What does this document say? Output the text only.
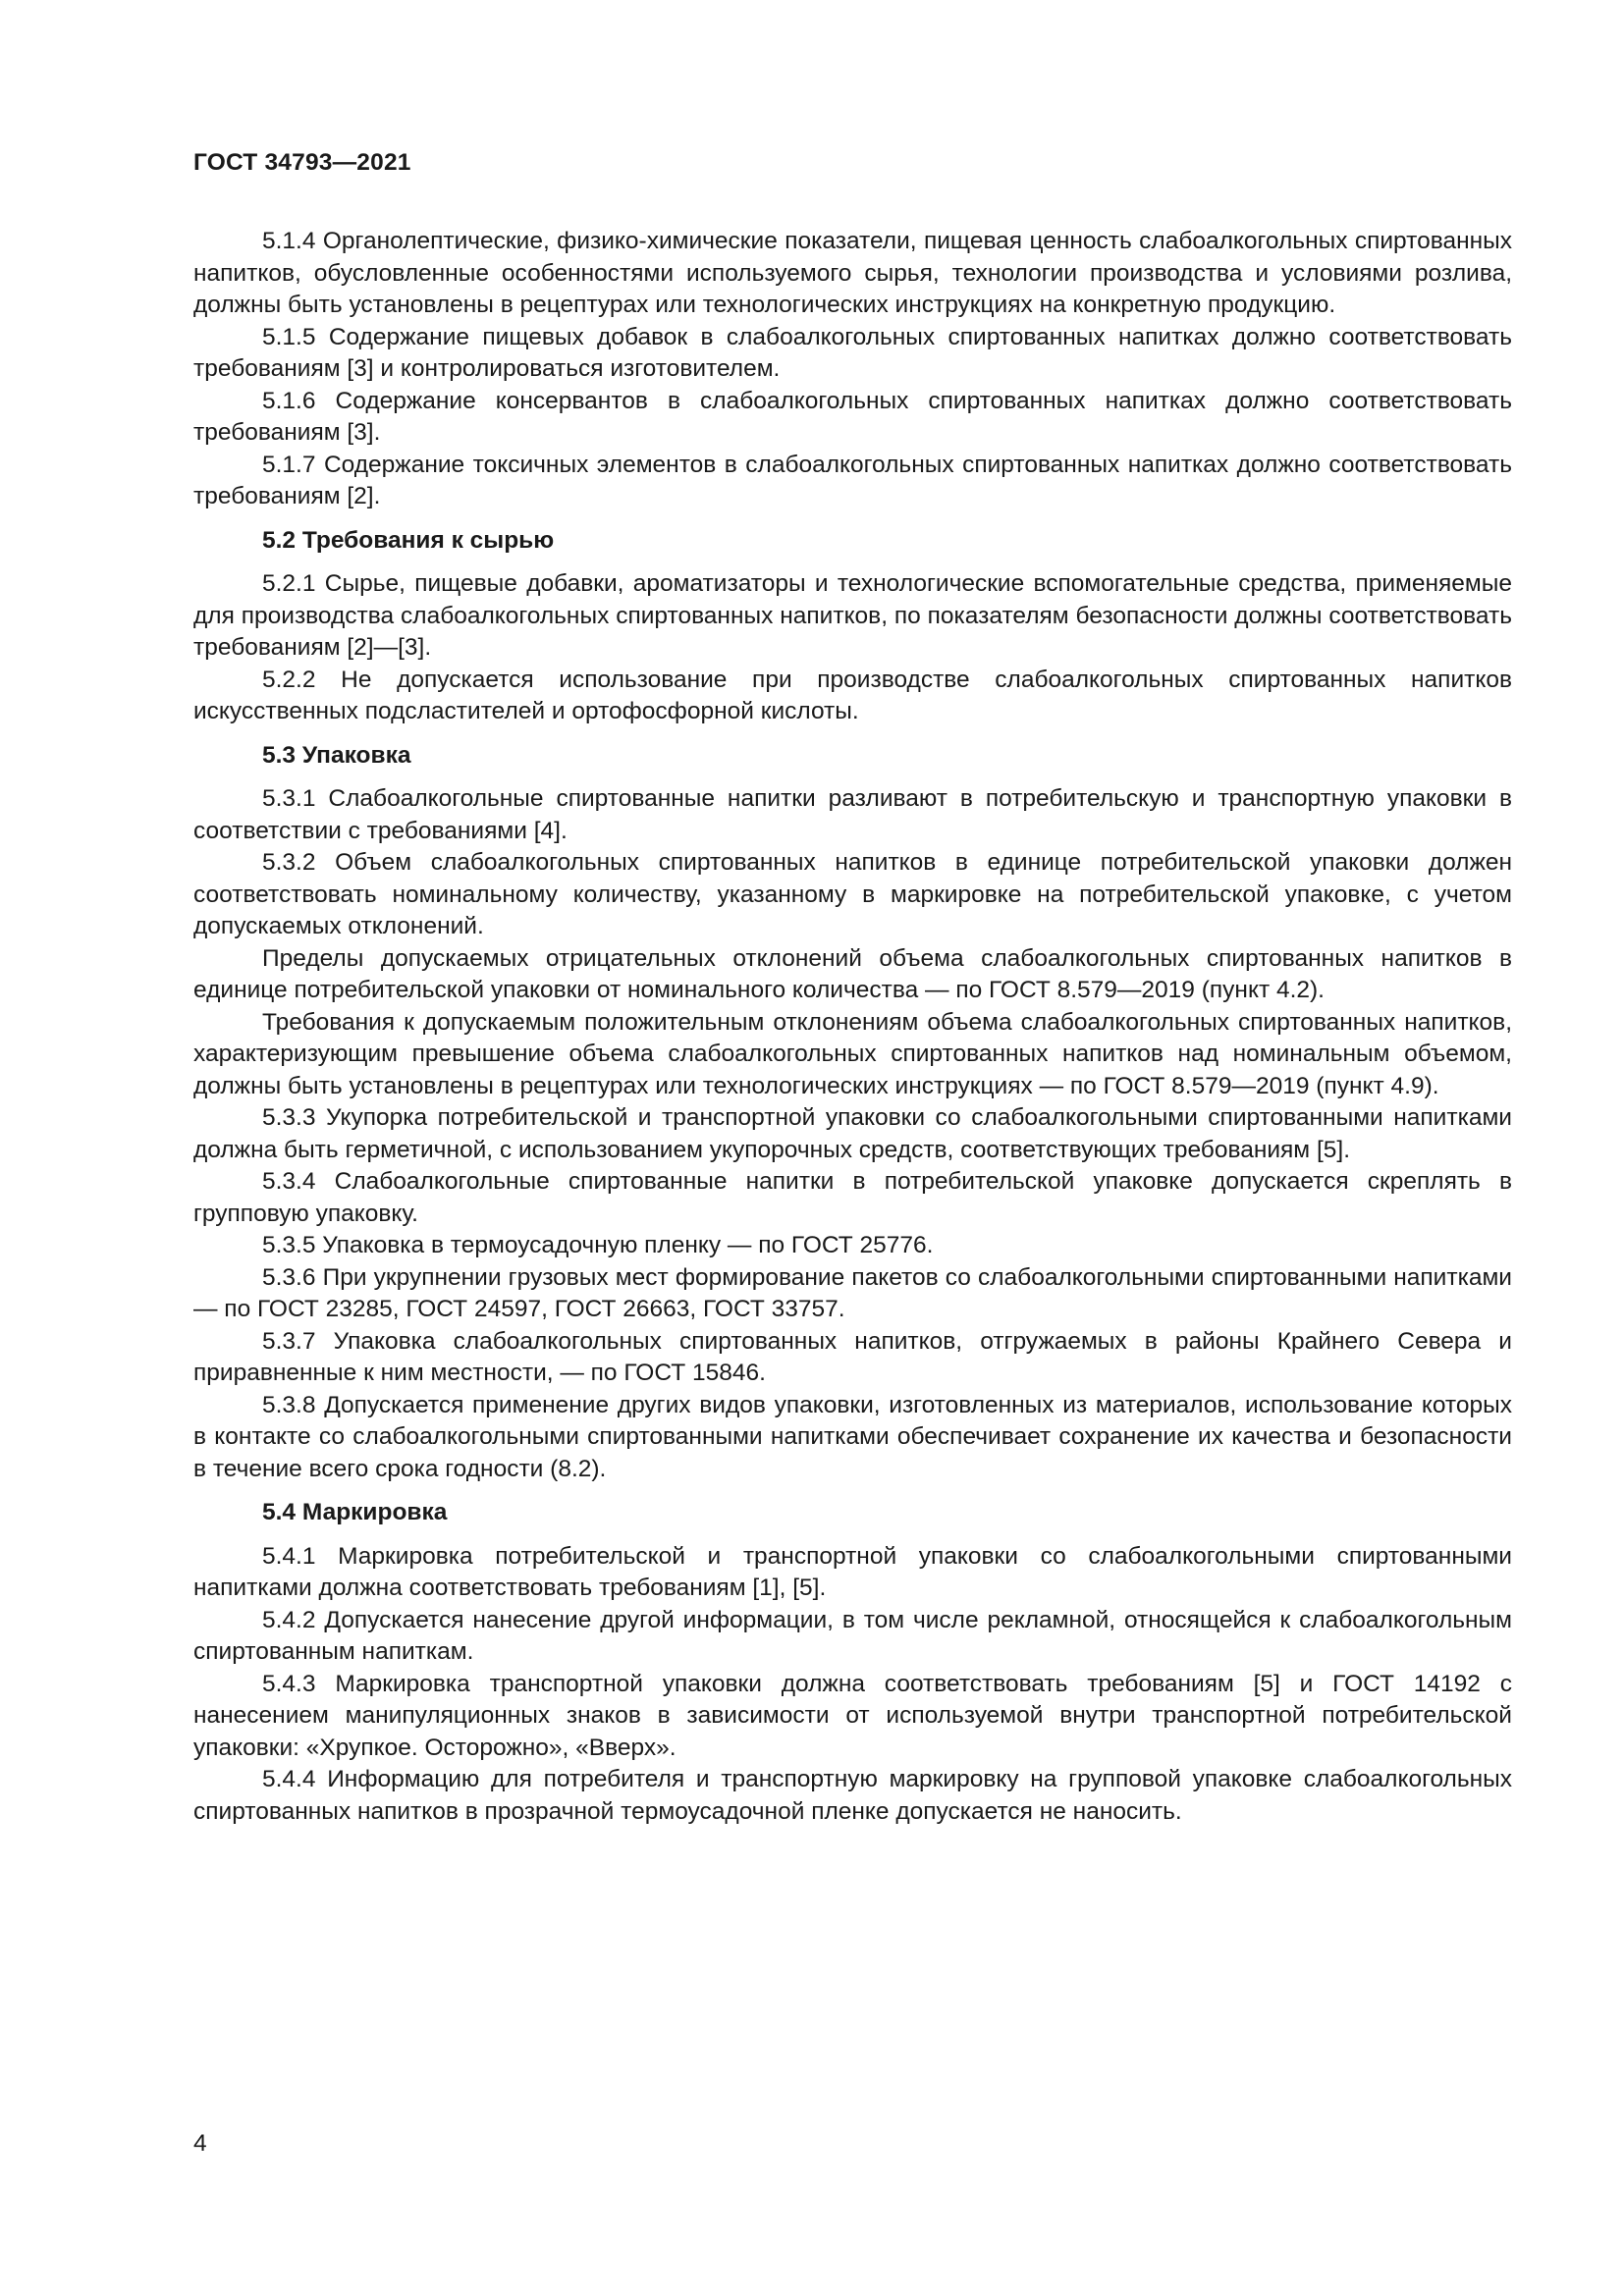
ГОСТ 34793—2021

5.1.4 Органолептические, физико-химические показатели, пищевая ценность слабоалкогольных спиртованных напитков, обусловленные особенностями используемого сырья, технологии производства и условиями розлива, должны быть установлены в рецептурах или технологических инструкциях на конкретную продукцию.

5.1.5 Содержание пищевых добавок в слабоалкогольных спиртованных напитках должно соответствовать требованиям [3] и контролироваться изготовителем.

5.1.6 Содержание консервантов в слабоалкогольных спиртованных напитках должно соответствовать требованиям [3].

5.1.7 Содержание токсичных элементов в слабоалкогольных спиртованных напитках должно соответствовать требованиям [2].

5.2 Требования к сырью

5.2.1 Сырье, пищевые добавки, ароматизаторы и технологические вспомогательные средства, применяемые для производства слабоалкогольных спиртованных напитков, по показателям безопасности должны соответствовать требованиям [2]—[3].

5.2.2 Не допускается использование при производстве слабоалкогольных спиртованных напитков искусственных подсластителей и ортофосфорной кислоты.

5.3 Упаковка

5.3.1 Слабоалкогольные спиртованные напитки разливают в потребительскую и транспортную упаковки в соответствии с требованиями [4].

5.3.2 Объем слабоалкогольных спиртованных напитков в единице потребительской упаковки должен соответствовать номинальному количеству, указанному в маркировке на потребительской упаковке, с учетом допускаемых отклонений.

Пределы допускаемых отрицательных отклонений объема слабоалкогольных спиртованных напитков в единице потребительской упаковки от номинального количества — по ГОСТ 8.579—2019 (пункт 4.2).

Требования к допускаемым положительным отклонениям объема слабоалкогольных спиртованных напитков, характеризующим превышение объема слабоалкогольных спиртованных напитков над номинальным объемом, должны быть установлены в рецептурах или технологических инструкциях — по ГОСТ 8.579—2019 (пункт 4.9).

5.3.3 Укупорка потребительской и транспортной упаковки со слабоалкогольными спиртованными напитками должна быть герметичной, с использованием укупорочных средств, соответствующих требованиям [5].

5.3.4 Слабоалкогольные спиртованные напитки в потребительской упаковке допускается скреплять в групповую упаковку.

5.3.5 Упаковка в термоусадочную пленку — по ГОСТ 25776.

5.3.6 При укрупнении грузовых мест формирование пакетов со слабоалкогольными спиртованными напитками — по ГОСТ 23285, ГОСТ 24597, ГОСТ 26663, ГОСТ 33757.

5.3.7 Упаковка слабоалкогольных спиртованных напитков, отгружаемых в районы Крайнего Севера и приравненные к ним местности, — по ГОСТ 15846.

5.3.8 Допускается применение других видов упаковки, изготовленных из материалов, использование которых в контакте со слабоалкогольными спиртованными напитками обеспечивает сохранение их качества и безопасности в течение всего срока годности (8.2).

5.4 Маркировка

5.4.1 Маркировка потребительской и транспортной упаковки со слабоалкогольными спиртованными напитками должна соответствовать требованиям [1], [5].

5.4.2 Допускается нанесение другой информации, в том числе рекламной, относящейся к слабоалкогольным спиртованным напиткам.

5.4.3 Маркировка транспортной упаковки должна соответствовать требованиям [5] и ГОСТ 14192 с нанесением манипуляционных знаков в зависимости от используемой внутри транспортной потребительской упаковки: «Хрупкое. Осторожно», «Вверх».

5.4.4 Информацию для потребителя и транспортную маркировку на групповой упаковке слабоалкогольных спиртованных напитков в прозрачной термоусадочной пленке допускается не наносить.

4
